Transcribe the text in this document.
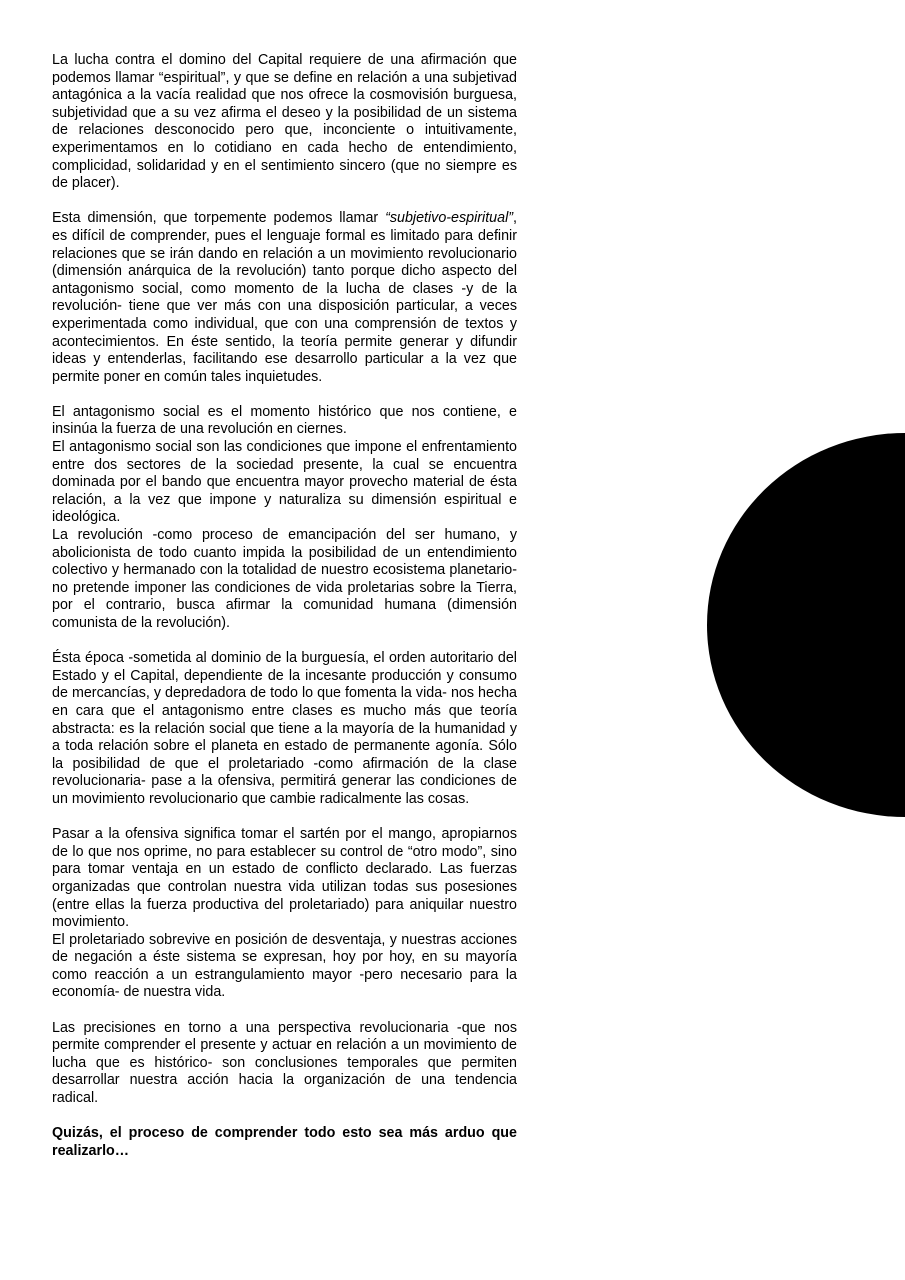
La lucha contra el domino del Capital requiere de una afirmación que podemos llamar “espiritual”, y que se define en relación a una subjetivad antagónica a la vacía realidad que nos ofrece la cosmovisión burguesa, subjetividad que a su vez afirma el deseo y la posibilidad de un sistema de relaciones desconocido pero que, inconciente o intuitivamente, experimentamos en lo cotidiano en cada hecho de entendimiento, complicidad, solidaridad y en el sentimiento sincero (que no siempre es de placer).

Esta dimensión, que torpemente podemos llamar “subjetivo-espiritual”, es difícil de comprender, pues el lenguaje formal es limitado para definir relaciones que se irán dando en relación a un movimiento revolucionario (dimensión anárquica de la revolución) tanto porque dicho aspecto del antagonismo social, como momento de la lucha de clases -y de la revolución- tiene que ver más con una disposición particular, a veces experimentada como individual, que con una comprensión de textos y acontecimientos. En éste sentido, la teoría permite generar y difundir ideas y entenderlas, facilitando ese desarrollo particular a la vez que permite poner en común tales inquietudes.

El antagonismo social es el momento histórico que nos contiene, e insinúa la fuerza de una revolución en ciernes.

El antagonismo social son las condiciones que impone el enfrentamiento entre dos sectores de la sociedad presente, la cual se encuentra dominada por el bando que encuentra mayor provecho material de ésta relación, a la vez que impone y naturaliza su dimensión espiritual e ideológica.

La revolución -como proceso de emancipación del ser humano, y abolicionista de todo cuanto impida la posibilidad de un entendimiento colectivo y hermanado con la totalidad de nuestro ecosistema planetario- no pretende imponer las condiciones de vida proletarias sobre la Tierra, por el contrario, busca afirmar la comunidad humana (dimensión comunista de la revolución).

Ésta época -sometida al dominio de la burguesía, el orden autoritario del Estado y el Capital, dependiente de la incesante producción y consumo de mercancías, y depredadora de todo lo que fomenta la vida- nos hecha en cara que el antagonismo entre clases es mucho más que teoría abstracta: es la relación social que tiene a la mayoría de la humanidad y a toda relación sobre el planeta en estado de permanente agonía. Sólo la posibilidad de que el proletariado -como afirmación de la clase revolucionaria- pase a la ofensiva, permitirá generar las condiciones de un movimiento revolucionario que cambie radicalmente las cosas.

Pasar a la ofensiva significa tomar el sartén por el mango, apropiarnos de lo que nos oprime, no para establecer su control de “otro modo”, sino para tomar ventaja en un estado de conflicto declarado. Las fuerzas organizadas que controlan nuestra vida utilizan todas sus posesiones (entre ellas la fuerza productiva del proletariado) para aniquilar nuestro movimiento.

El proletariado sobrevive en posición de desventaja, y nuestras acciones de negación a éste sistema se expresan, hoy por hoy, en su mayoría como reacción a un estrangulamiento mayor -pero necesario para la economía- de nuestra vida.

Las precisiones en torno a una perspectiva revolucionaria -que nos permite comprender el presente y actuar en relación a un movimiento de lucha que es histórico- son conclusiones temporales que permiten desarrollar nuestra acción hacia la organización de una tendencia radical.

Quizás, el proceso de comprender todo esto sea más arduo que realizarlo…
